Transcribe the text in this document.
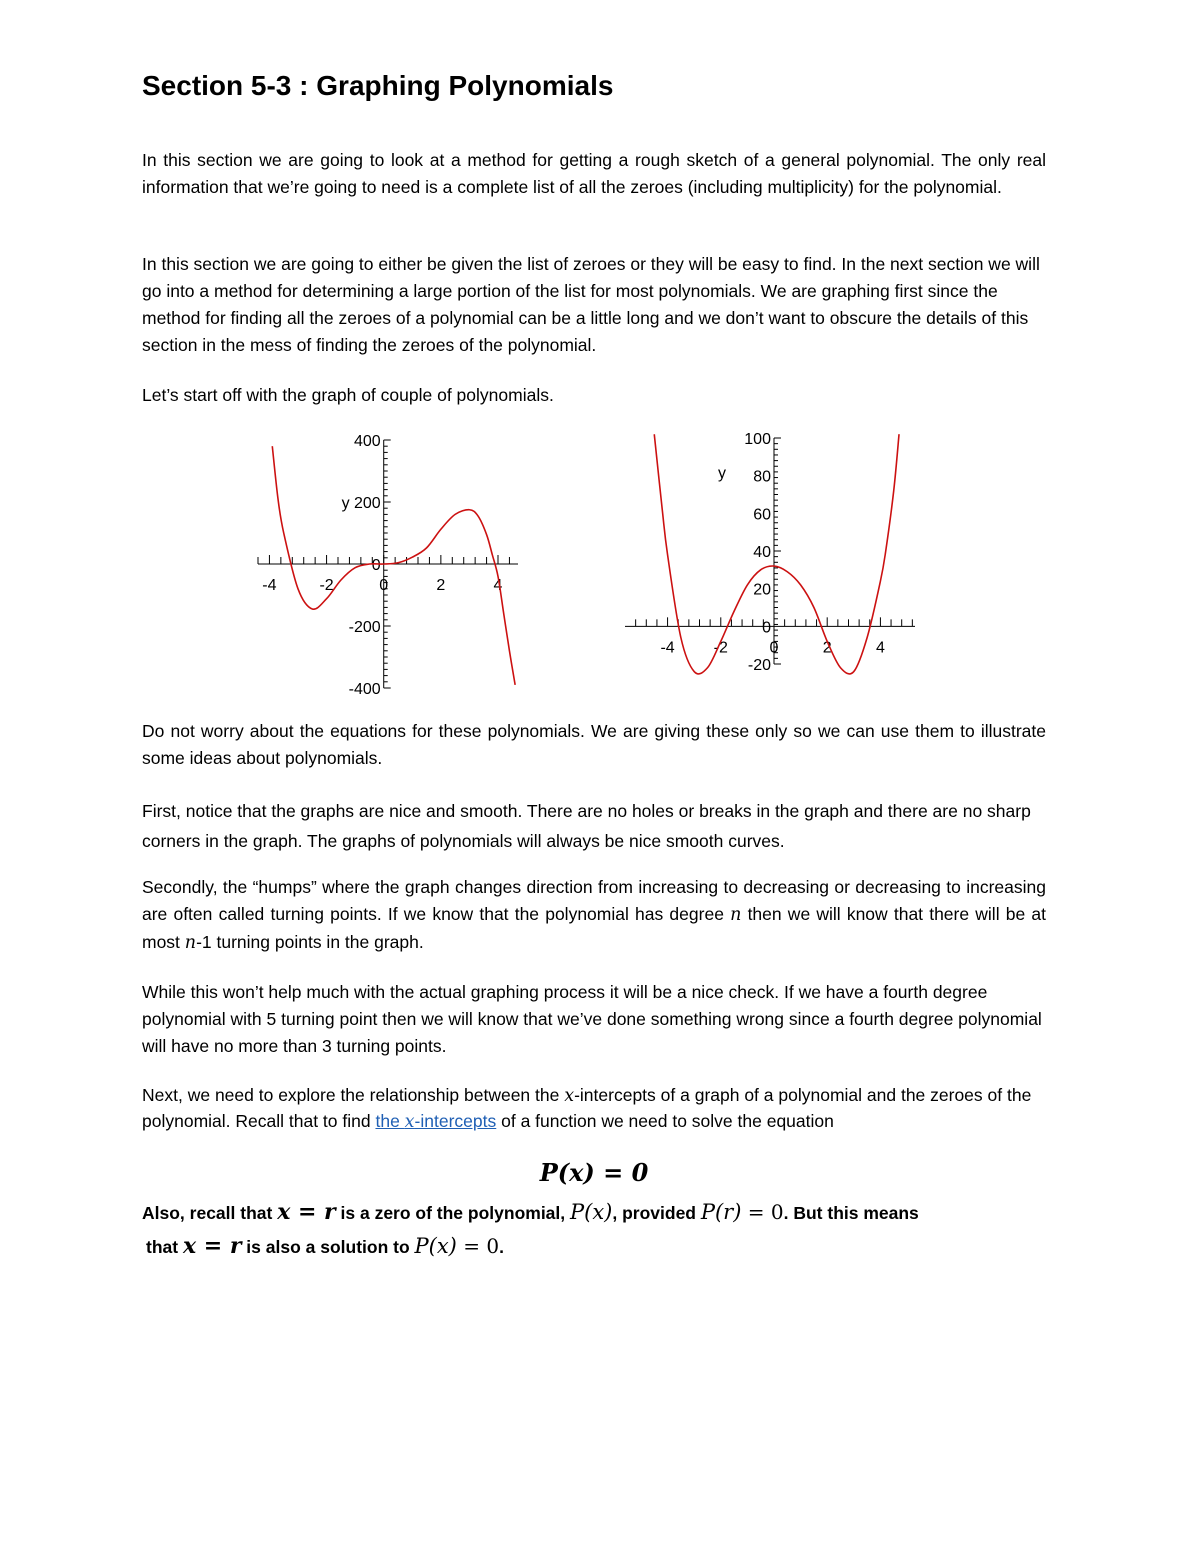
Section 5-3 : Graphing Polynomials

In this section we are going to look at a method for getting a rough sketch of a general polynomial. The only real information that we’re going to need is a complete list of all the zeroes (including multiplicity) for the polynomial.

In this section we are going to either be given the list of zeroes or they will be easy to find. In the next section we will go into a method for determining a large portion of the list for most polynomials. We are graphing first since the method for finding all the zeroes of a polynomial can be a little long and we don’t want to obscure the details of this section in the mess of finding the zeroes of the polynomial.

Let’s start off with the graph of couple of polynomials.

-4	-2	0	2	4
400
y 200
0
-200
-400
-4 -2	0	2	4
100
80
60
40
20
0
-20
y

Do not worry about the equations for these polynomials. We are giving these only so we can use them to illustrate some ideas about polynomials.

First, notice that the graphs are nice and smooth. There are no holes or breaks in the graph and there are no sharp corners in the graph. The graphs of polynomials will always be nice smooth curves.

Secondly, the “humps” where the graph changes direction from increasing to decreasing or decreasing to increasing are often called turning points. If we know that the polynomial has degree n then we will know that there will be at most n-1 turning points in the graph.

While this won’t help much with the actual graphing process it will be a nice check. If we have a fourth degree polynomial with 5 turning point then we will know that we’ve done something wrong since a fourth degree polynomial will have no more than 3 turning points.

Next, we need to explore the relationship between the x-intercepts of a graph of a polynomial and the zeroes of the polynomial. Recall that to find the x-intercepts of a function we need to solve the equation

P(x) = 0
Also, recall that x = r is a zero of the polynomial, P(x), provided P(r) = 0. But this means
that x = r is also a solution to P(x) = 0.
